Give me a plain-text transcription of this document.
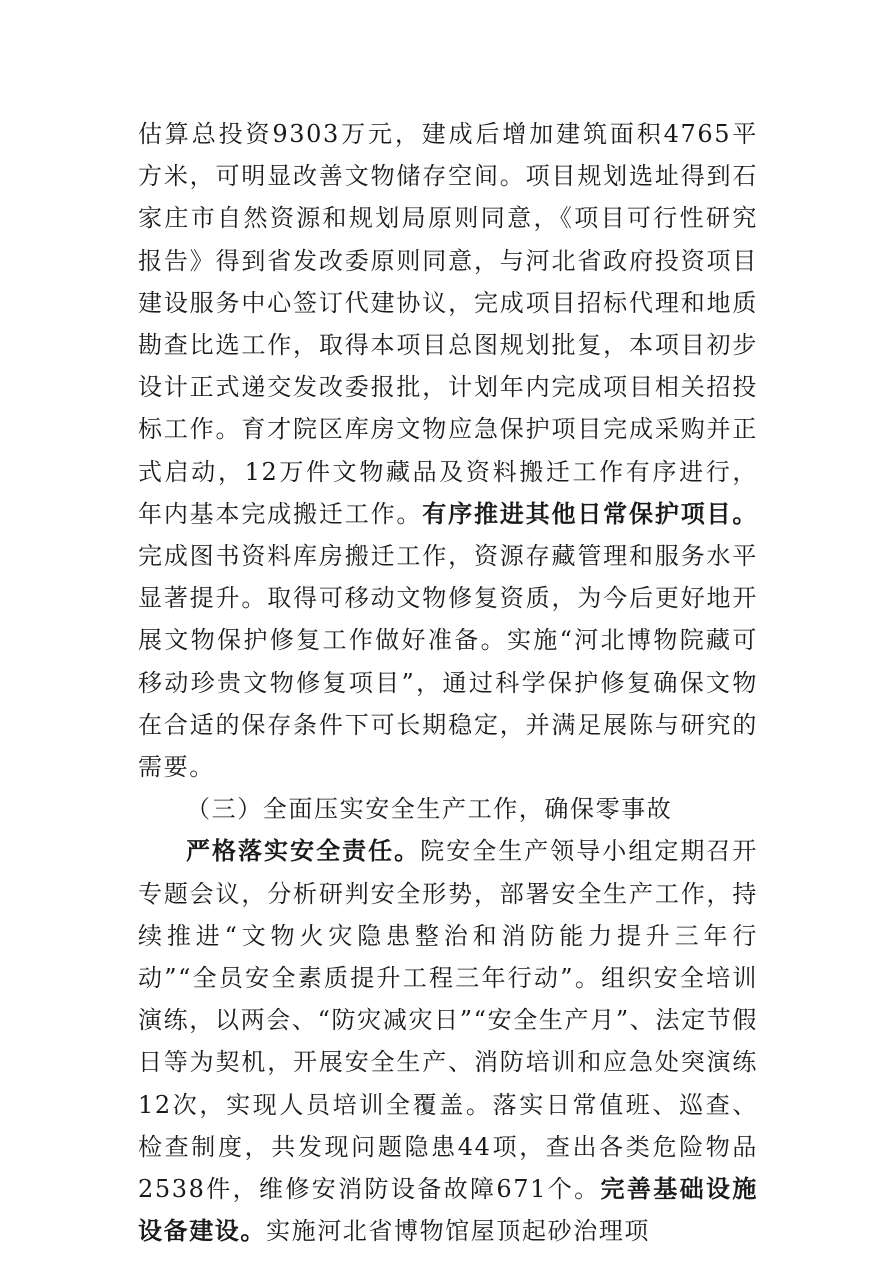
估算总投资9303万元，建成后增加建筑面积4765平方米，可明显改善文物储存空间。项目规划选址得到石家庄市自然资源和规划局原则同意，《项目可行性研究报告》得到省发改委原则同意，与河北省政府投资项目建设服务中心签订代建协议，完成项目招标代理和地质勘查比选工作，取得本项目总图规划批复，本项目初步设计正式递交发改委报批，计划年内完成项目相关招投标工作。育才院区库房文物应急保护项目完成采购并正式启动，12万件文物藏品及资料搬迁工作有序进行，年内基本完成搬迁工作。有序推进其他日常保护项目。完成图书资料库房搬迁工作，资源存藏管理和服务水平显著提升。取得可移动文物修复资质，为今后更好地开展文物保护修复工作做好准备。实施“河北博物院藏可移动珍贵文物修复项目”，通过科学保护修复确保文物在合适的保存条件下可长期稳定，并满足展陈与研究的需要。

（三）全面压实安全生产工作，确保零事故

严格落实安全责任。院安全生产领导小组定期召开专题会议，分析研判安全形势，部署安全生产工作，持续推进“文物火灾隐患整治和消防能力提升三年行动”“全员安全素质提升工程三年行动”。组织安全培训演练，以两会、“防灾减灾日”“安全生产月”、法定节假日等为契机，开展安全生产、消防培训和应急处突演练12次，实现人员培训全覆盖。落实日常值班、巡查、检查制度，共发现问题隐患44项，查出各类危险物品2538件，维修安消防设备故障671个。完善基础设施设备建设。实施河北省博物馆屋顶起砂治理项
